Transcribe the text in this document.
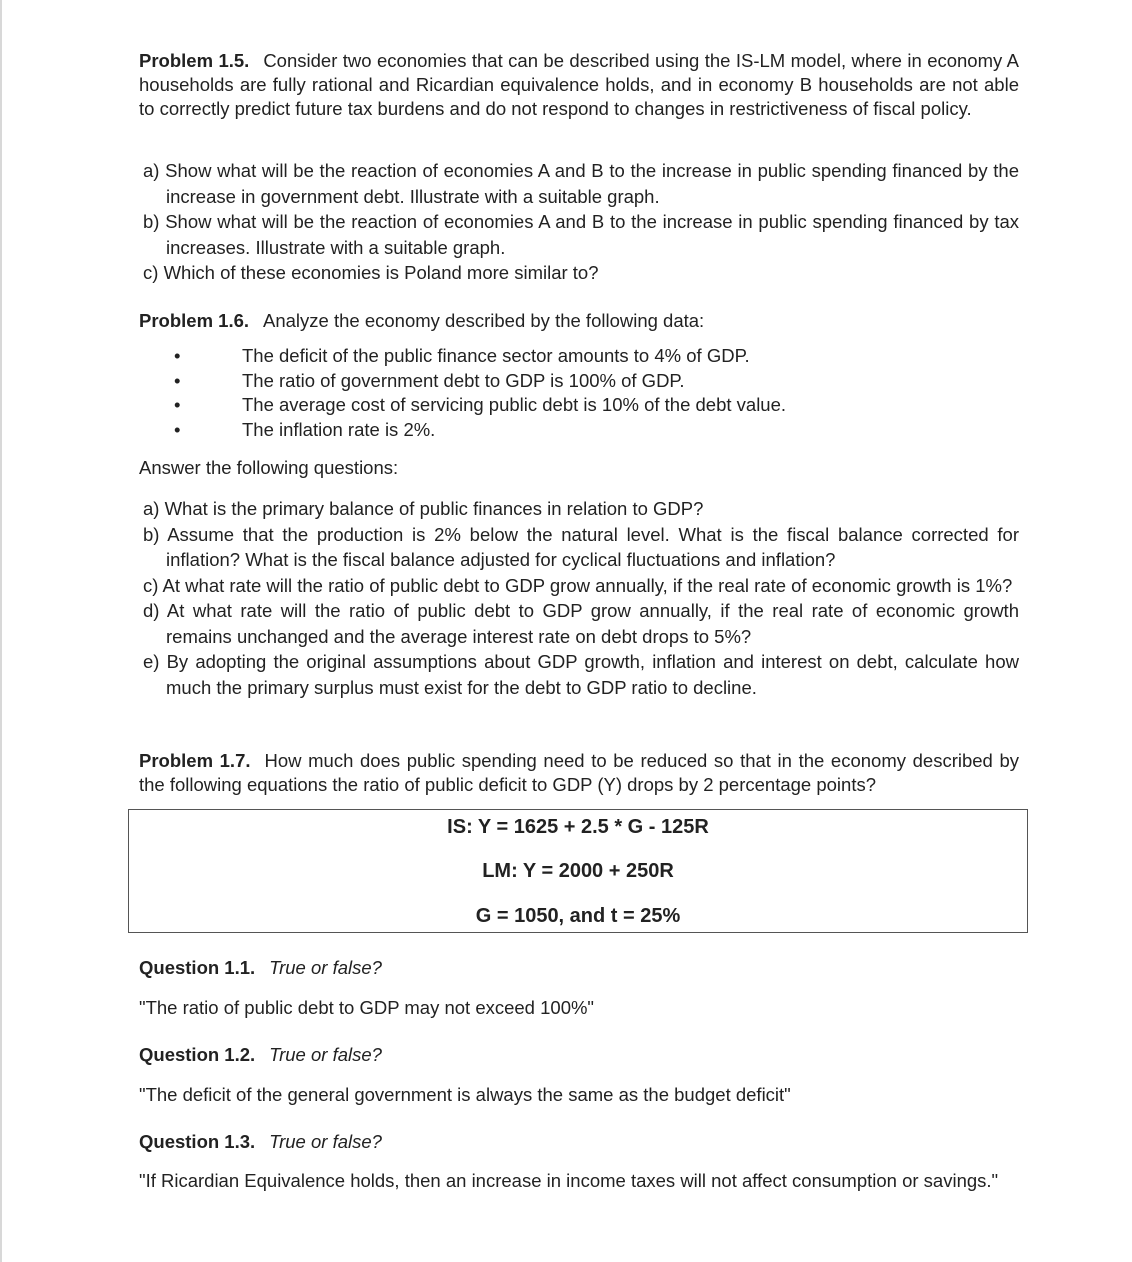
Problem 1.5. Consider two economies that can be described using the IS-LM model, where in economy A households are fully rational and Ricardian equivalence holds, and in economy B households are not able to correctly predict future tax burdens and do not respond to changes in restrictiveness of fiscal policy.

a) Show what will be the reaction of economies A and B to the increase in public spending financed by the increase in government debt. Illustrate with a suitable graph.
b) Show what will be the reaction of economies A and B to the increase in public spending financed by tax increases. Illustrate with a suitable graph.
c) Which of these economies is Poland more similar to?

Problem 1.6. Analyze the economy described by the following data:

•	The deficit of the public finance sector amounts to 4% of GDP.
•	The ratio of government debt to GDP is 100% of GDP.
•	The average cost of servicing public debt is 10% of the debt value.
•	The inflation rate is 2%.

Answer the following questions:

a) What is the primary balance of public finances in relation to GDP?
b) Assume that the production is 2% below the natural level. What is the fiscal balance corrected for inflation? What is the fiscal balance adjusted for cyclical fluctuations and inflation?
c) At what rate will the ratio of public debt to GDP grow annually, if the real rate of economic growth is 1%?
d) At what rate will the ratio of public debt to GDP grow annually, if the real rate of economic growth remains unchanged and the average interest rate on debt drops to 5%?
e) By adopting the original assumptions about GDP growth, inflation and interest on debt, calculate how much the primary surplus must exist for the debt to GDP ratio to decline.

Problem 1.7. How much does public spending need to be reduced so that in the economy described by the following equations the ratio of public deficit to GDP (Y) drops by 2 percentage points?

IS: Y = 1625 + 2.5 * G - 125R
LM: Y = 2000 + 250R
G = 1050, and t = 25%

Question 1.1. True or false?

"The ratio of public debt to GDP may not exceed 100%"

Question 1.2. True or false?

"The deficit of the general government is always the same as the budget deficit"

Question 1.3. True or false?

"If Ricardian Equivalence holds, then an increase in income taxes will not affect consumption or savings."
